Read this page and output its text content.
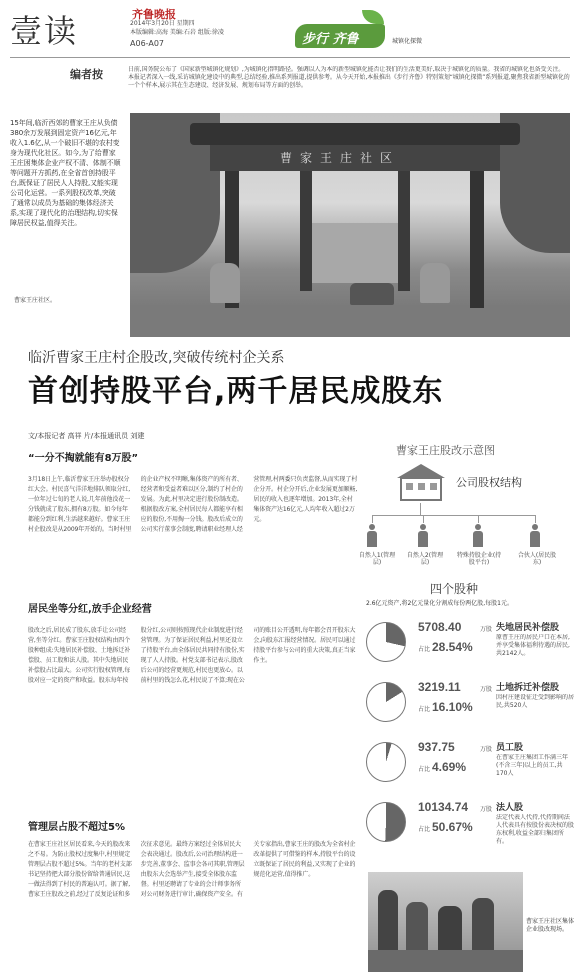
壹读	齐鲁晚报
2014年3月20日 星期四
本版编辑:高海 美编:石岩 组版:徐凌
A06-A07	步行 齐鲁	城镇化探微
编者按	日前,国务院公布了《国家新型城镇化规划》,为城镇化指明路径。强调以人为本的新型城镇化能否让我们的生活更美好,取决于城镇化的质量。我省的城镇化也备受关注。本报记者深入一线,采访城镇化建设中的典型,总结经验,推出系列报道,提供参考。从今天开始,本报推出《步行齐鲁》特别策划“城镇化探微”系列报道,聚焦我省新型城镇化的一个个样本,展示其在生态建设、经济发展、规划布局等方面的创举。
15年间,临沂西郊的曹家王庄从负债380余万发展到固定资产16亿元,年收入1.6亿,从一个破旧不堪的农村变身为现代化社区。如今,为了给曹家王庄困集体企业产权不清、体制不顺等问题开方抓药,在全省首创持股平台,既保证了居民人人持股,又能实现公司化运营。一系列股权改革,突破了通常以成员为基础的集体经济关系,实现了现代化的治理结构,切实保障居民权益,值得关注。
曹家王庄社区。
曹家王庄社区
临沂曹家王庄村企股改,突破传统村企关系
首创持股平台,两千居民成股东
文/本报记者 高祥 片/本报通讯员 刘建
“一分不掏就能有8万股”
3月18日上午,临沂曹家王庄举办股权分红大会。村民喜气洋洋地排队领取分红,一位年过七旬的老人说,几年前他没花一分钱就成了股东,拥有8万股。如今每年都能分到红利,生活越来越好。曹家王庄村企股改是从2009年开始的。当时村里的企业产权不明晰,集体资产的所有者、经营者和受益者难以区分,制约了村企的发展。为此,村里决定进行股份制改造。根据股改方案,全村居民每人都能享有相应的股份,不用掏一分钱。股改后成立的公司实行董事会制度,聘请职业经理人经营管理,村两委只负责监督,从而实现了村企分开。村企分开后,企业发展更加顺畅,居民的收入也逐年增加。2013年,全村集体资产达16亿元,人均年收入超过2万元。
居民坐等分红,放手企业经营
股改之后,居民成了股东,放手让公司经营,坐等分红。曹家王庄股权结构由四个股种组成:失地居民补偿股、土地拆迁补偿股、员工股和法人股。其中失地居民补偿股占比最大。公司实行股权管理,每股对应一定的资产和收益。股东每年按股分红,公司则按照现代企业制度进行经营管理。为了保证居民利益,村里还设立了持股平台,由全体居民共同持有股份,实现了人人持股。村党支部书记表示,股改后公司的经营更规范,村民也更放心。以前村里的钱怎么花,村民说了不算;现在公司的账目公开透明,每年都会召开股东大会,向股东汇报经营情况。居民可以通过持股平台参与公司的重大决策,真正当家作主。
管理层占股不超过5%
在曹家王庄社区居民看来,今天的股改来之不易。为防止股权过度集中,村里规定管理层占股不超过5%。当年的老村支部书记坚持把大部分股份留给普通居民,这一做法得到了村民的普遍认可。据了解,曹家王庄股改之前,经过了反复论证和多次征求意见。最终方案经过全体居民大会表决通过。股改后,公司治理结构进一步完善,董事会、监事会各司其职,管理层由股东大会选举产生,接受全体股东监督。村里还聘请了专业的会计师事务所对公司财务进行审计,确保资产安全。有关专家指出,曹家王庄的股改为全省村企改革提供了可借鉴的样本,持股平台的设立既保证了居民的利益,又实现了企业的规范化运营,值得推广。
曹家王庄股改示意图
公司股权结构
自然人1(管理层)
自然人2(管理层)
特殊持股企业(持股平台)
合伙人(居民股东)
四个股种
2.6亿元资产,将2亿元量化分割成每份两亿股,每股1元。
5708.40	万股
占比 28.54%
失地居民补偿股
原曹王庄的居民户口在本居,并享受集体福利待遇的居民,共2142人。
3219.11	万股
占比 16.10%
土地拆迁补偿股
因村庄建设征迁受到影响的居民,共520人
937.75	万股
占比 4.69%
员工股
在曹家王庄集团工作满三年(不含三年)以上的员工,共170人
10134.74 万股
占比 50.67%
法人股
法定代表人代持,代持期间法人代表具有按股份表决权的股东权利,收益全部归集团所有。
曹家王庄社区集体企业股改现场。
